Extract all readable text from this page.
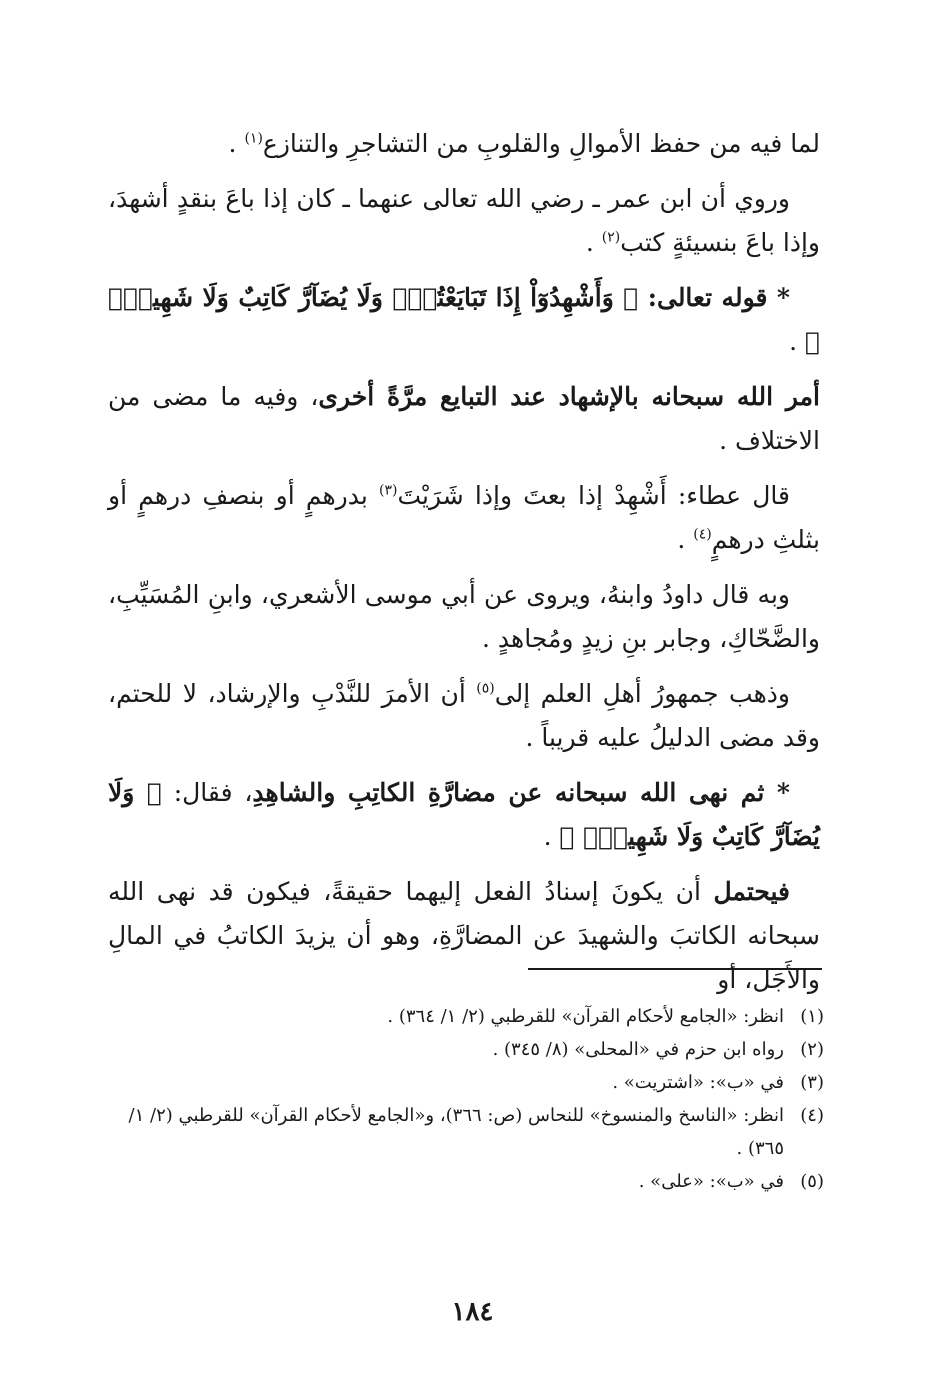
لما فيه من حفظ الأموالِ والقلوبِ من التشاجرِ والتنازع$^{(١)}$ .

وروي أن ابن عمر ـ رضي الله تعالى عنهما ـ كان إذا باعَ بنقدٍ أشهدَ، وإذا باعَ بنسيئةٍ كتب$^{(٢)}$ .

* قوله تعالى: ﴿ وَأَشْهِدُوٓاْ إِذَا تَبَايَعْتُمْۚ وَلَا يُضَآرَّ كَاتِبٌ وَلَا شَهِيدٌۚ ﴾ .

أمر الله سبحانه بالإشهاد عند التبايع مرَّةً أخرى، وفيه ما مضى من الاختلاف .

قال عطاء: أَشْهِدْ إذا بعتَ وإذا شَرَيْتَ$^{(٣)}$ بدرهمٍ أو بنصفِ درهمٍ أو بثلثِ درهمٍ$^{(٤)}$ .

وبه قال داودُ وابنهُ، ويروى عن أبي موسى الأشعري، وابنِ المُسَيِّبِ، والضَّحّاكِ، وجابر بنِ زيدٍ ومُجاهدٍ .

وذهب جمهورُ أهلِ العلم إلى$^{(٥)}$ أن الأمرَ للنَّدْبِ والإرشاد، لا للحتم، وقد مضى الدليلُ عليه قريباً .

* ثم نهى الله سبحانه عن مضارَّةِ الكاتِبِ والشاهِدِ، فقال: ﴿ وَلَا يُضَآرَّ كَاتِبٌ وَلَا شَهِيدٌۚ ﴾ .

فيحتمل أن يكونَ إسنادُ الفعل إليهما حقيقةً، فيكون قد نهى الله سبحانه الكاتبَ والشهيدَ عن المضارَّةِ، وهو أن يزيدَ الكاتبُ في المالِ والأَجَل، أو

(١)
انظر: «الجامع لأحكام القرآن» للقرطبي (٢/ ١/ ٣٦٤) .
(٢)
رواه ابن حزم في «المحلى» (٨/ ٣٤٥) .
(٣)
في «ب»: «اشتريت» .
(٤)
انظر: «الناسخ والمنسوخ» للنحاس (ص: ٣٦٦)، و«الجامع لأحكام القرآن» للقرطبي (٢/ ١/ ٣٦٥) .
(٥)
في «ب»: «على» .
١٨٤
